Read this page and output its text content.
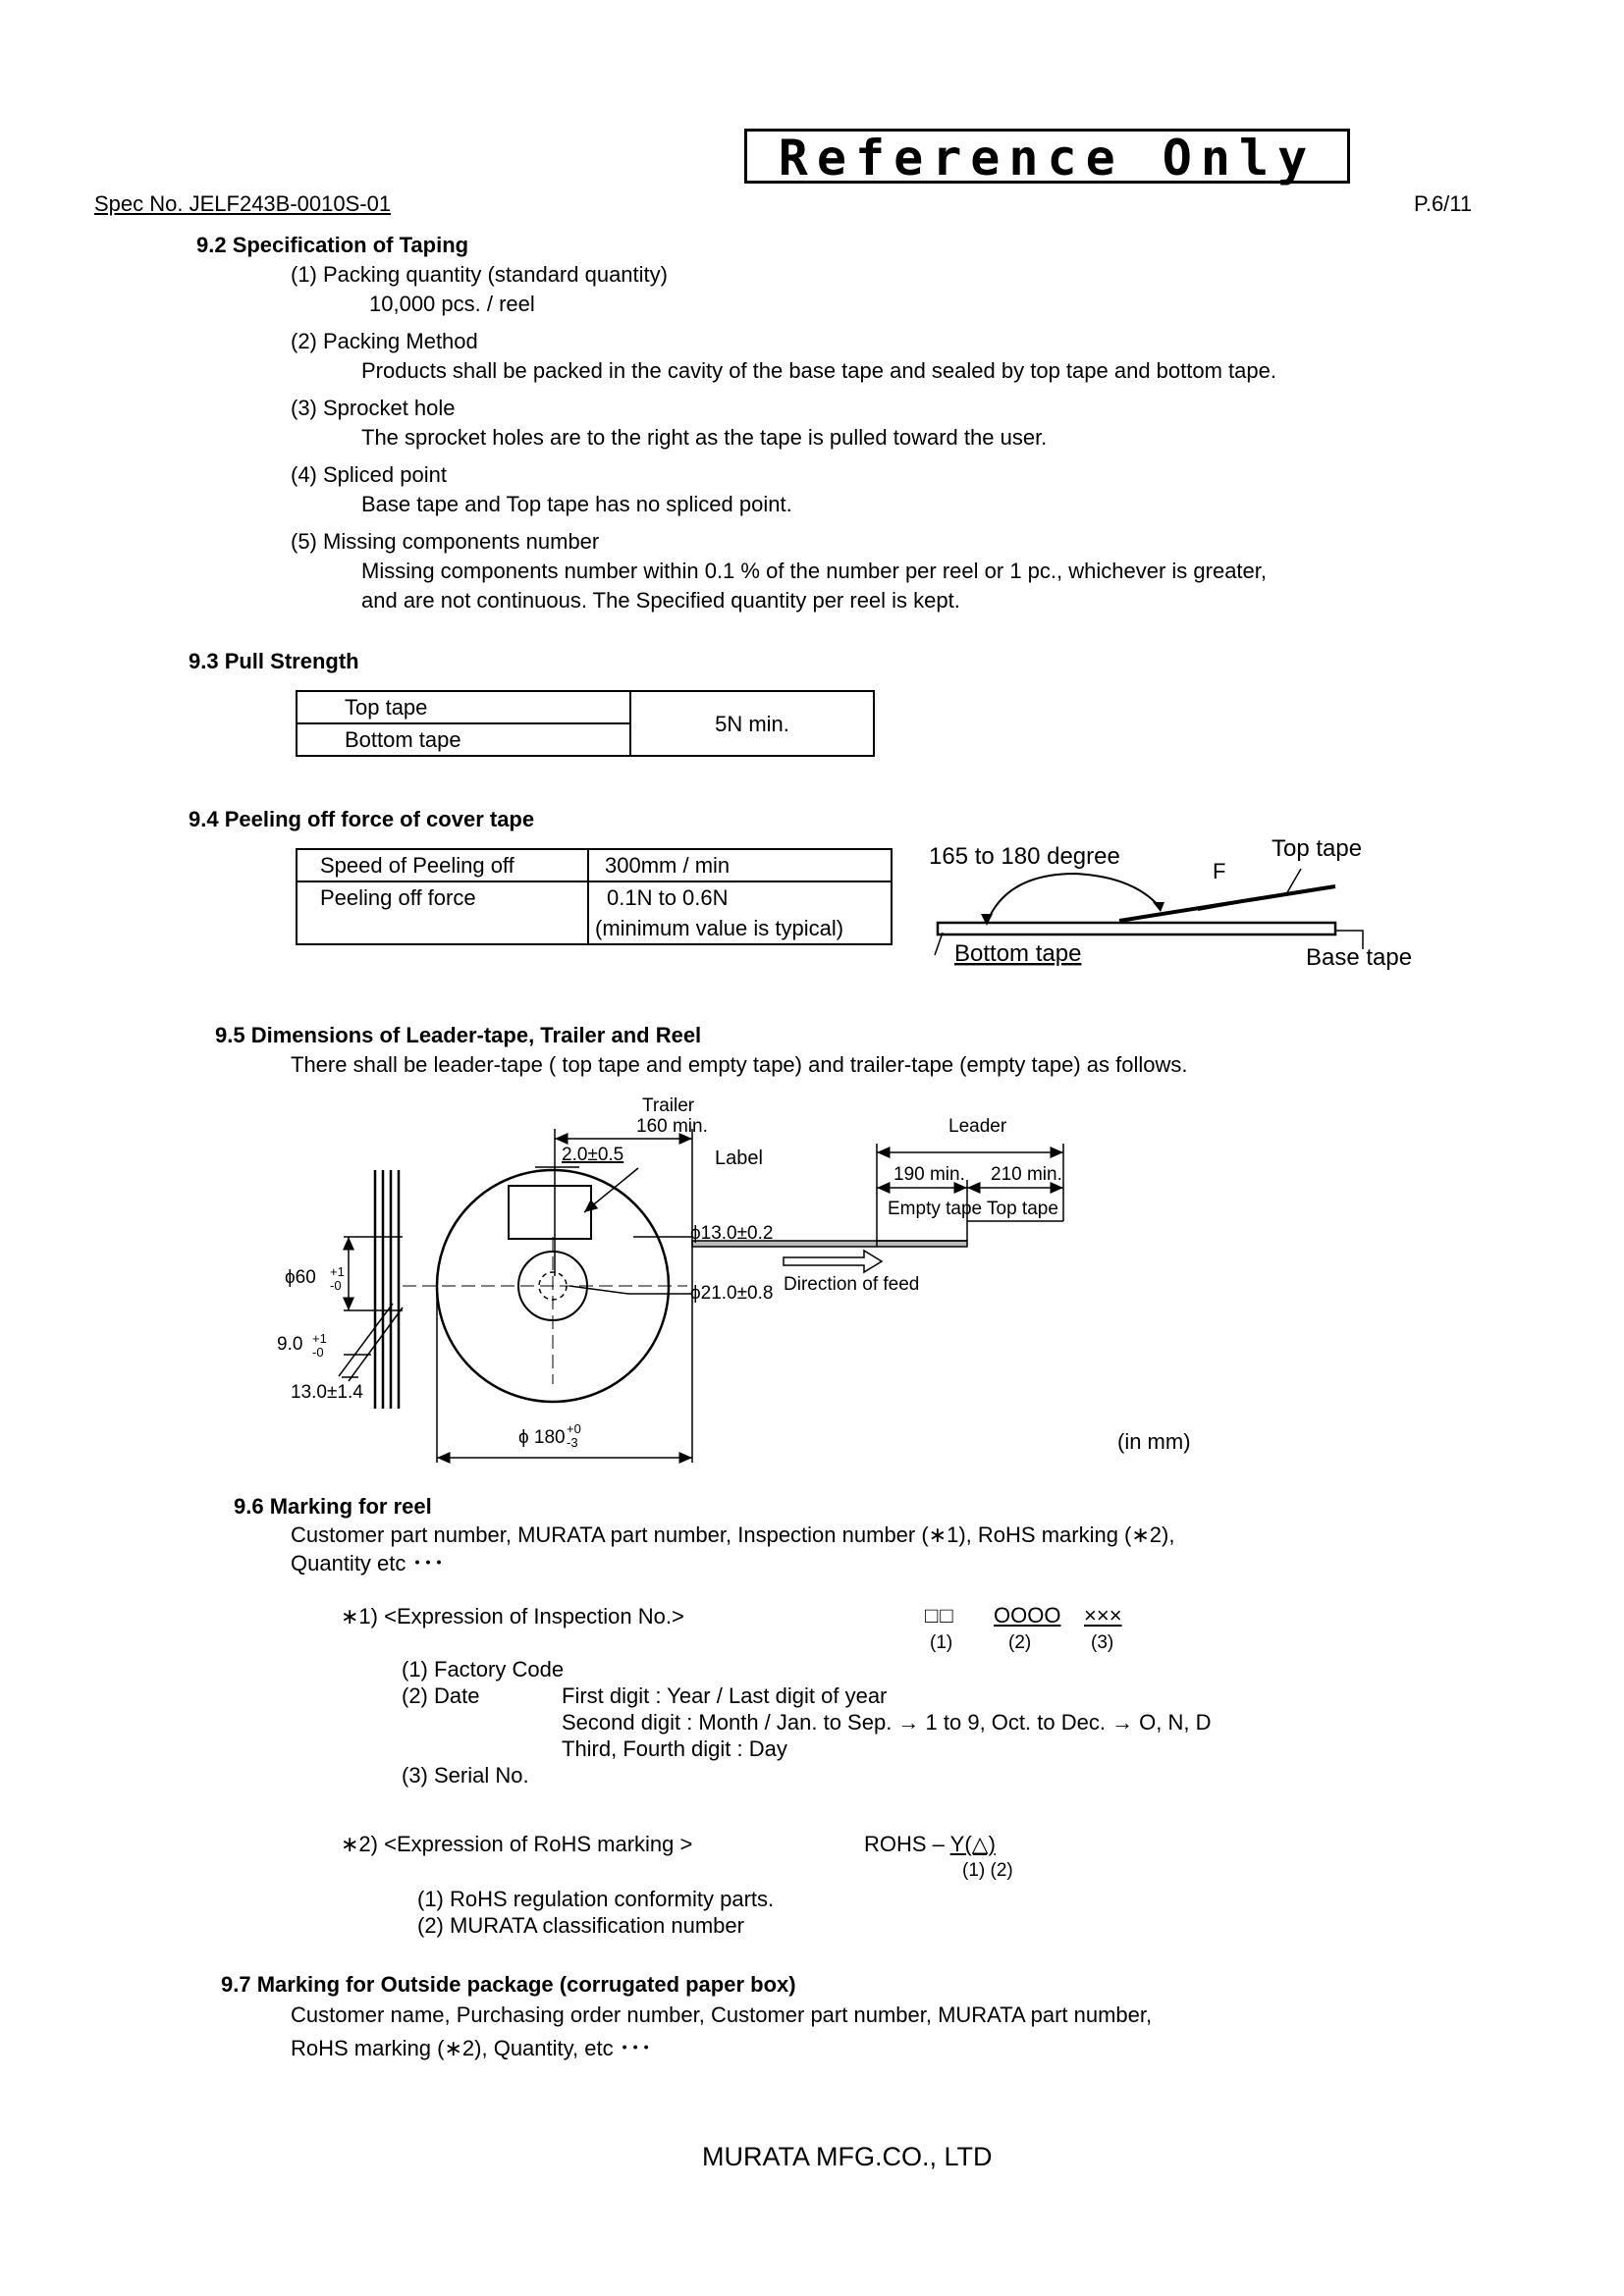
Reference Only
Spec No. JELF243B-0010S-01	P.6/11
9.2 Specification of Taping
(1) Packing quantity (standard quantity)
10,000 pcs. / reel
(2) Packing Method
Products shall be packed in the cavity of the base tape and sealed by top tape and bottom tape.
(3) Sprocket hole
The sprocket holes are to the right as the tape is pulled toward the user.
(4) Spliced point
Base tape and Top tape has no spliced point.
(5) Missing components number
Missing components number within 0.1 % of the number per reel or 1 pc., whichever is greater,
and are not continuous. The Specified quantity per reel is kept.
9.3 Pull Strength
Top tape	5N min.
Bottom tape
9.4 Peeling off force of cover tape
Speed of Peeling off	300mm / min
Peeling off force	0.1N to 0.6N
(minimum value is typical)
165 to 180 degree
F
Top tape
Bottom tape	Base tape
9.5 Dimensions of Leader-tape, Trailer and Reel
There shall be leader-tape ( top tape and empty tape) and trailer-tape (empty tape) as follows.
Trailer
160 min.
2.0±0.5	Label
Leader
190 min. 210 min.
Empty tape Top tape
ϕ13.0±0.2
ϕ21.0±0.8 Direction of feed
ϕ60 +1
-0
9.0 +1
-0
13.0±1.4
ϕ 180 +0
-3	(in mm)
9.6 Marking for reel
Customer part number, MURATA part number, Inspection number (∗1), RoHS marking (∗2),
Quantity etc ･･･
∗1) <Expression of Inspection No.>	□□ OOOO ×××
(1)	(2)	(3)
(1) Factory Code
(2) Date	First digit : Year / Last digit of year
Second digit : Month / Jan. to Sep. → 1 to 9, Oct. to Dec. → O, N, D
Third, Fourth digit : Day
(3) Serial No.
∗2) <Expression of RoHS marking >	ROHS – Y(△)
(1) (2)
(1) RoHS regulation conformity parts.
(2) MURATA classification number
9.7 Marking for Outside package (corrugated paper box)
Customer name, Purchasing order number, Customer part number, MURATA part number,
RoHS marking (∗2), Quantity, etc ･･･
MURATA MFG.CO., LTD
